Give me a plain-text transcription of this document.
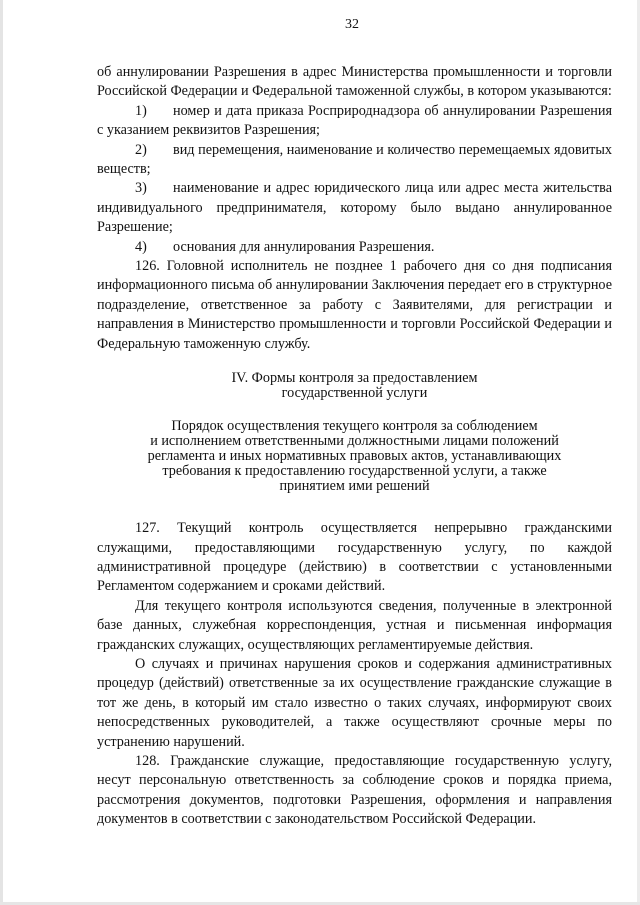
32

об аннулировании Разрешения в адрес Министерства промышленности и торговли Российской Федерации и Федеральной таможенной службы, в котором указываются:

1) номер и дата приказа Росприроднадзора об аннулировании Разрешения с указанием реквизитов Разрешения;

2) вид перемещения, наименование и количество перемещаемых ядовитых веществ;

3) наименование и адрес юридического лица или адрес места жительства индивидуального предпринимателя, которому было выдано аннулированное Разрешение;

4) основания для аннулирования Разрешения.

126. Головной исполнитель не позднее 1 рабочего дня со дня подписания информационного письма об аннулировании Заключения передает его в структурное подразделение, ответственное за работу с Заявителями, для регистрации и направления в Министерство промышленности и торговли Российской Федерации и Федеральную таможенную службу.

IV. Формы контроля за предоставлением
государственной услуги
Порядок осуществления текущего контроля за соблюдением
и исполнением ответственными должностными лицами положений
регламента и иных нормативных правовых актов, устанавливающих
требования к предоставлению государственной услуги, а также
принятием ими решений

127. Текущий контроль осуществляется непрерывно гражданскими служащими, предоставляющими государственную услугу, по каждой административной процедуре (действию) в соответствии с установленными Регламентом содержанием и сроками действий.

Для текущего контроля используются сведения, полученные в электронной базе данных, служебная корреспонденция, устная и письменная информация гражданских служащих, осуществляющих регламентируемые действия.

О случаях и причинах нарушения сроков и содержания административных процедур (действий) ответственные за их осуществление гражданские служащие в тот же день, в который им стало известно о таких случаях, информируют своих непосредственных руководителей, а также осуществляют срочные меры по устранению нарушений.

128. Гражданские служащие, предоставляющие государственную услугу, несут персональную ответственность за соблюдение сроков и порядка приема, рассмотрения документов, подготовки Разрешения, оформления и направления документов в соответствии с законодательством Российской Федерации.
